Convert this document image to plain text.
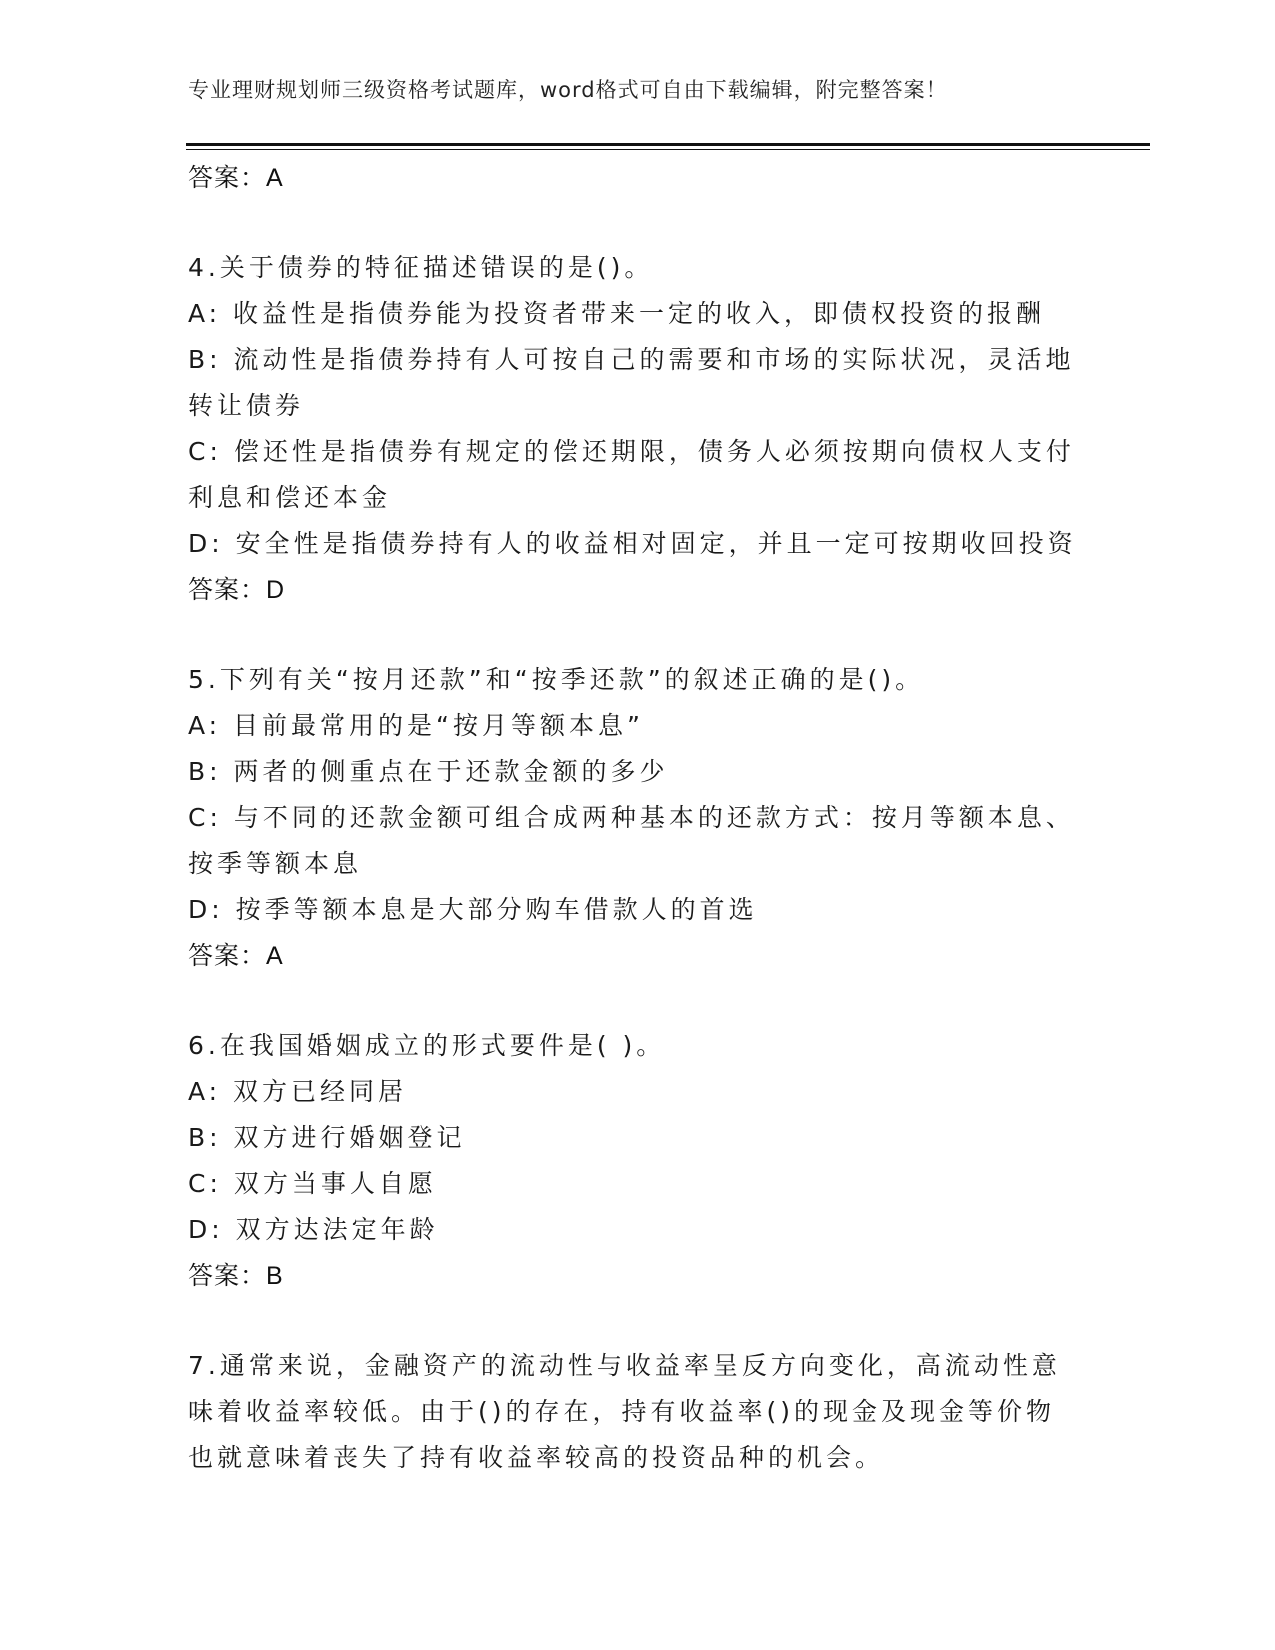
专业理财规划师三级资格考试题库，word格式可自由下载编辑，附完整答案！
答案：A
4.关于债券的特征描述错误的是()。
A: 收益性是指债券能为投资者带来一定的收入，即债权投资的报酬
B: 流动性是指债券持有人可按自己的需要和市场的实际状况，灵活地
转让债券
C: 偿还性是指债券有规定的偿还期限，债务人必须按期向债权人支付
利息和偿还本金
D: 安全性是指债券持有人的收益相对固定，并且一定可按期收回投资
答案：D
5.下列有关“按月还款”和“按季还款”的叙述正确的是()。
A: 目前最常用的是“按月等额本息”
B: 两者的侧重点在于还款金额的多少
C: 与不同的还款金额可组合成两种基本的还款方式：按月等额本息、
按季等额本息
D: 按季等额本息是大部分购车借款人的首选
答案：A
6.在我国婚姻成立的形式要件是( )。
A: 双方已经同居
B: 双方进行婚姻登记
C: 双方当事人自愿
D: 双方达法定年龄
答案：B
7.通常来说，金融资产的流动性与收益率呈反方向变化，高流动性意
味着收益率较低。由于()的存在，持有收益率()的现金及现金等价物
也就意味着丧失了持有收益率较高的投资品种的机会。
